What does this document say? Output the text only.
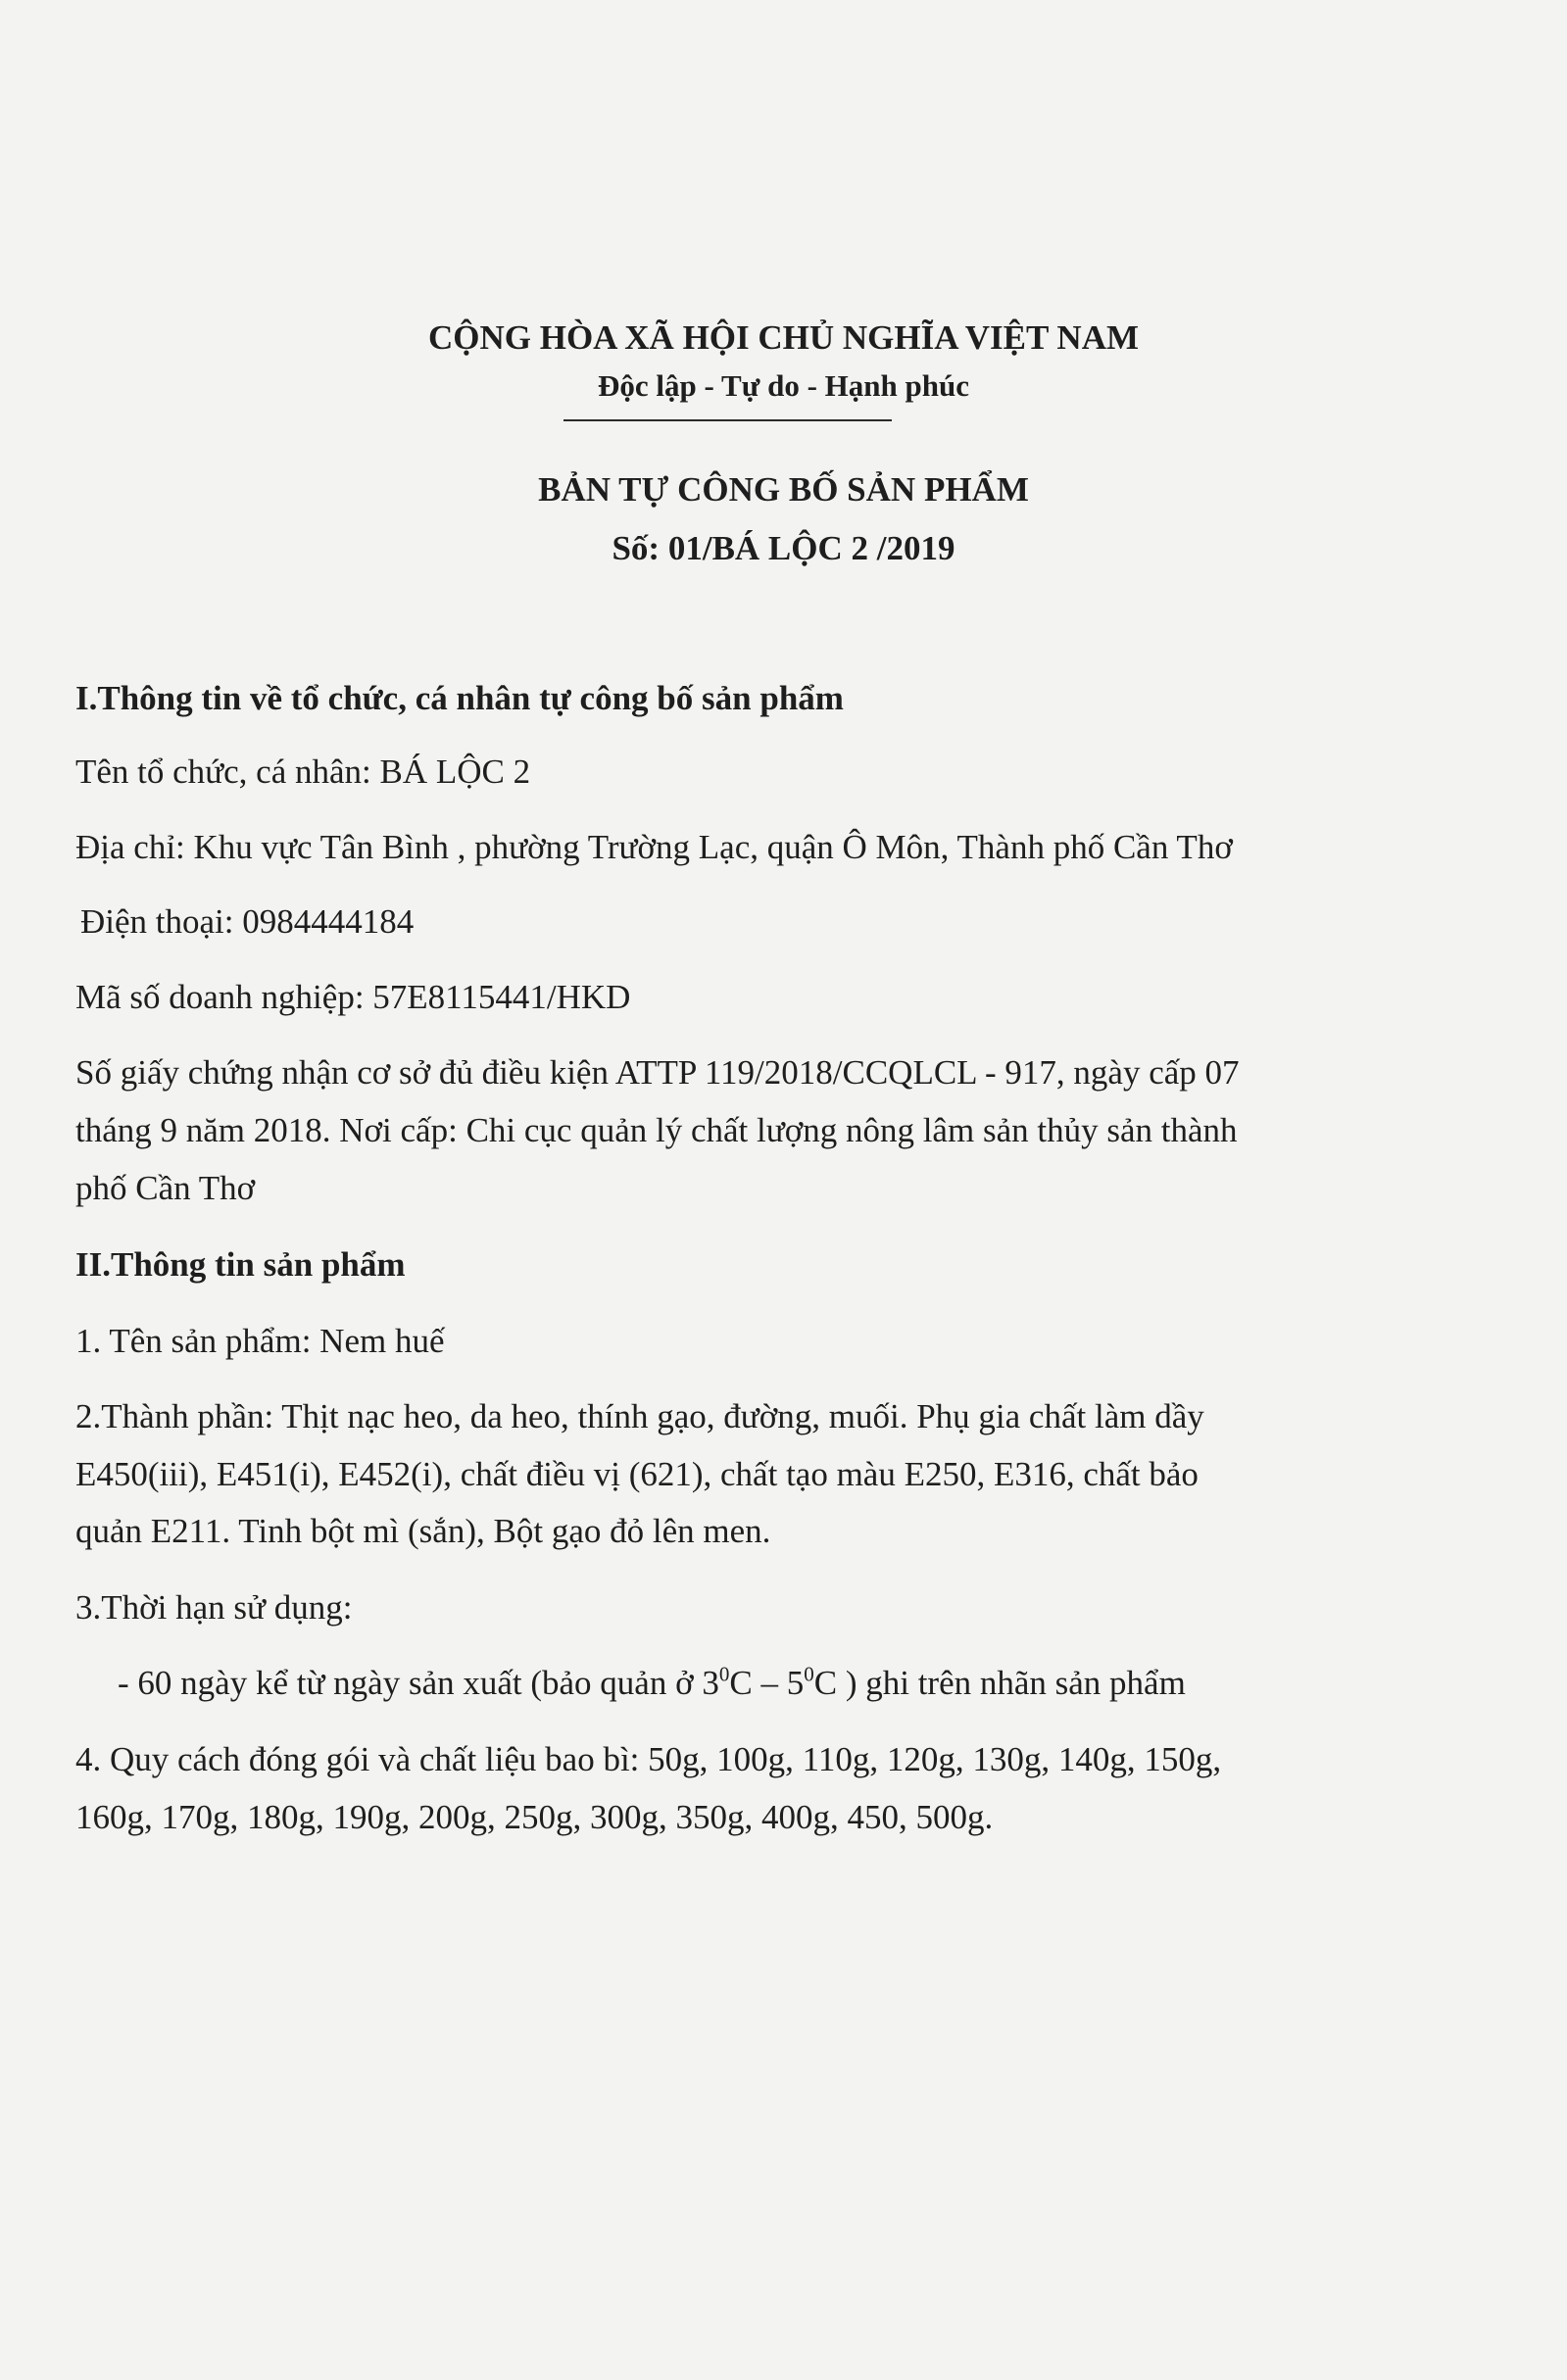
CỘNG HÒA XÃ HỘI CHỦ NGHĨA VIỆT NAM
Độc lập - Tự do - Hạnh phúc
BẢN TỰ CÔNG BỐ SẢN PHẨM
Số: 01/BÁ LỘC 2 /2019
I.Thông tin về tổ chức, cá nhân tự công bố sản phẩm
Tên tổ chức, cá nhân: BÁ LỘC 2
Địa chỉ: Khu vực Tân Bình , phường Trường Lạc, quận Ô Môn, Thành phố Cần Thơ
Điện thoại: 0984444184
Mã số doanh nghiệp: 57E8115441/HKD
Số giấy chứng nhận cơ sở đủ điều kiện ATTP 119/2018/CCQLCL - 917, ngày cấp 07
tháng 9 năm 2018. Nơi cấp: Chi cục quản lý chất lượng nông lâm sản thủy sản thành
phố Cần Thơ
II.Thông tin sản phẩm
1. Tên sản phẩm: Nem huế
2.Thành phần: Thịt nạc heo, da heo, thính gạo, đường, muối. Phụ gia chất làm dầy
E450(iii), E451(i), E452(i), chất điều vị (621), chất tạo màu E250, E316, chất bảo
quản E211. Tinh bột mì (sắn), Bột gạo đỏ lên men.
3.Thời hạn sử dụng:
- 60 ngày kể từ ngày sản xuất (bảo quản ở $3^0C - 5^0C$ ) ghi trên nhãn sản phẩm
4. Quy cách đóng gói và chất liệu bao bì: 50g, 100g, 110g, 120g, 130g, 140g, 150g,
160g, 170g, 180g, 190g, 200g, 250g, 300g, 350g, 400g, 450, 500g.
